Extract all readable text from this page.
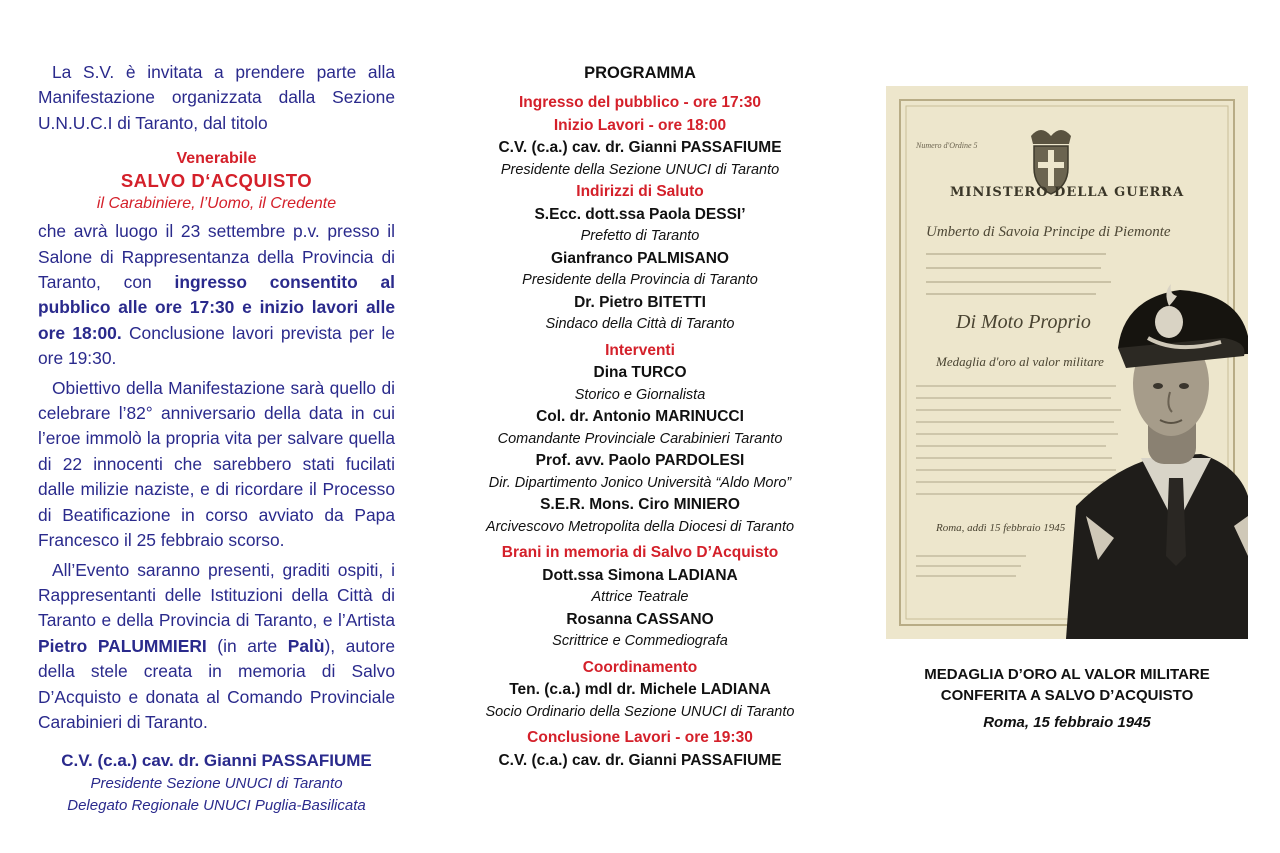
La S.V. è invitata a prendere parte alla Manifestazione organizzata dalla Sezione U.N.U.C.I di Taranto, dal titolo

Venerabile

SALVO D‘ACQUISTO

il Carabiniere, l’Uomo, il Credente

che avrà luogo il 23 settembre p.v. presso il Salone di Rappresentanza della Provincia di Taranto, con ingresso consentito al pubblico alle ore 17:30 e inizio lavori alle ore 18:00. Conclusione lavori prevista per le ore 19:30.

Obiettivo della Manifestazione sarà quello di celebrare l’82° anniversario della data in cui l’eroe immolò la propria vita per salvare quella di 22 innocenti che sarebbero stati fucilati dalle milizie naziste, e di ricordare il Processo di Beatificazione in corso avviato da Papa Francesco il 25 febbraio scorso.

All’Evento saranno presenti, graditi ospiti, i Rappresentanti delle Istituzioni della Città di Taranto e della Provincia di Taranto, e l’Artista Pietro PALUMMIERI (in arte Palù), autore della stele creata in memoria di Salvo D’Acquisto e donata al Comando Provinciale Carabinieri di Taranto.

C.V. (c.a.) cav. dr. Gianni PASSAFIUME

Presidente Sezione UNUCI di Taranto

Delegato Regionale UNUCI Puglia-Basilicata

PROGRAMMA

Ingresso del pubblico - ore 17:30
Inizio Lavori - ore 18:00
C.V. (c.a.) cav. dr. Gianni PASSAFIUME
Presidente della Sezione UNUCI di Taranto
Indirizzi di Saluto
S.Ecc. dott.ssa Paola DESSI’
Prefetto di Taranto
Gianfranco PALMISANO
Presidente della Provincia di Taranto
Dr. Pietro BITETTI
Sindaco della Città di Taranto
Interventi
Dina TURCO
Storico e Giornalista
Col. dr. Antonio MARINUCCI
Comandante Provinciale Carabinieri Taranto
Prof. avv. Paolo PARDOLESI
Dir. Dipartimento Jonico Università “Aldo Moro”
S.E.R. Mons. Ciro MINIERO
Arcivescovo Metropolita della Diocesi di Taranto
Brani in memoria di Salvo D’Acquisto
Dott.ssa Simona LADIANA
Attrice Teatrale
Rosanna CASSANO
Scrittrice e Commediografa
Coordinamento
Ten. (c.a.) mdl dr. Michele LADIANA
Socio Ordinario della Sezione UNUCI di Taranto
Conclusione Lavori - ore 19:30
C.V. (c.a.) cav. dr. Gianni PASSAFIUME
Numero d'Ordine 5
MINISTERO DELLA GUERRA
Umberto di Savoia Principe di Piemonte
Di Moto Proprio
Medaglia d'oro al valor militare
Roma, addì 15 febbraio 1945
MEDAGLIA D’ORO AL VALOR MILITARE
CONFERITA A SALVO D’ACQUISTO
Roma, 15 febbraio 1945
